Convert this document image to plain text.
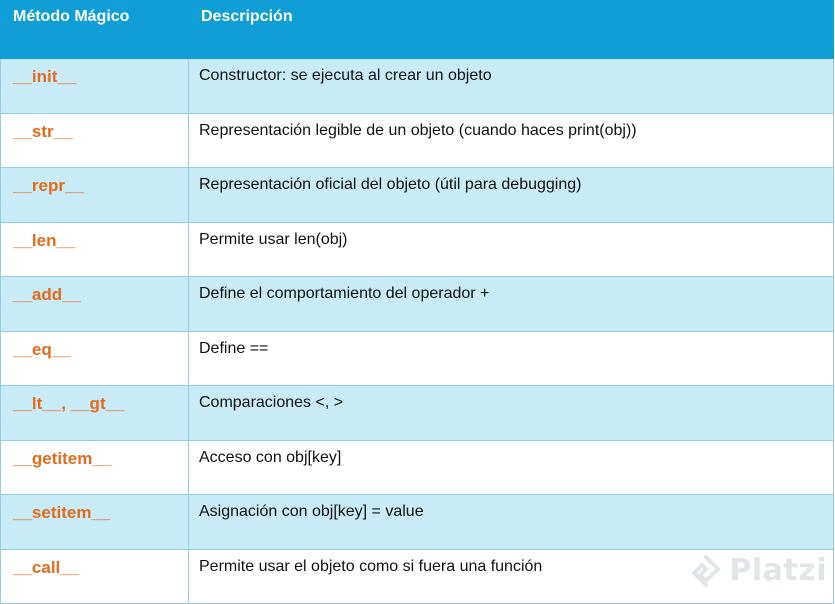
Método Mágico	Descripción
__init__	Constructor: se ejecuta al crear un objeto
__str__	Representación legible de un objeto (cuando haces print(obj))
__repr__	Representación oficial del objeto (útil para debugging)
__len__	Permite usar len(obj)
__add__	Define el comportamiento del operador +
__eq__	Define ==
__lt__, __gt__	Comparaciones <, >
__getitem__	Acceso con obj[key]
__setitem__	Asignación con obj[key] = value
__call__	Permite usar el objeto como si fuera una función	Platzi
